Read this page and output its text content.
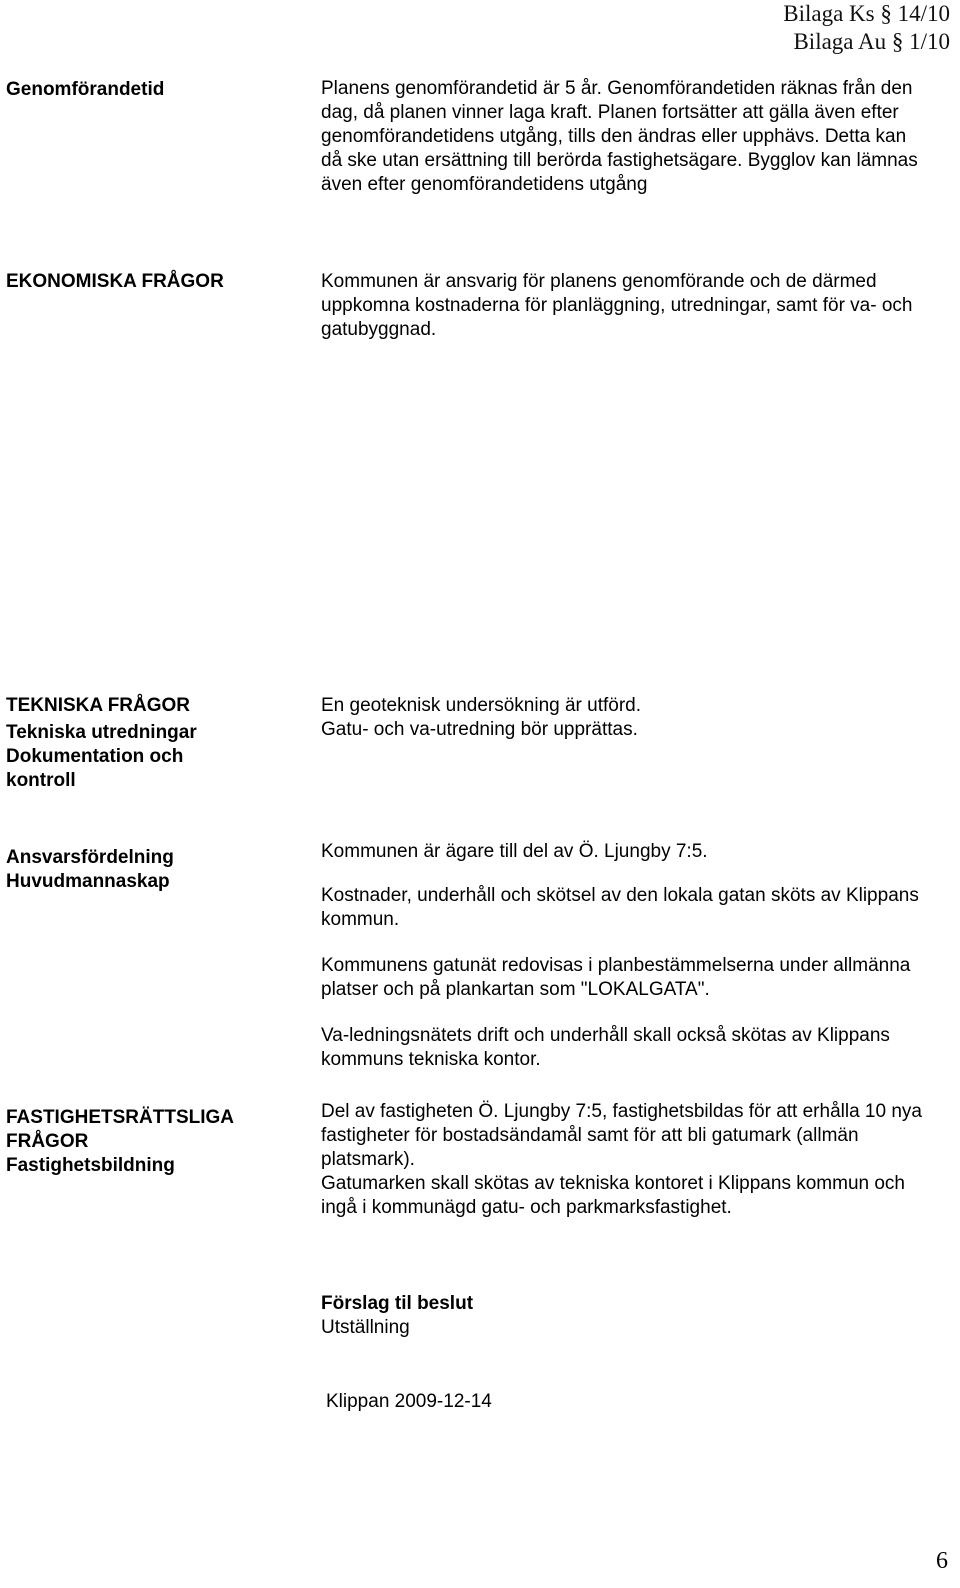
Bilaga Ks § 14/10
Bilaga Au § 1/10
Genomförandetid	Planens genomförandetid är 5 år. Genomförandetiden räknas från den dag, då planen vinner laga kraft. Planen fortsätter att gälla även efter genomförandetidens utgång, tills den ändras eller upphävs. Detta kan då ske utan ersättning till berörda fastighetsägare. Bygglov kan lämnas även efter genomförandetidens utgång
EKONOMISKA FRÅGOR	Kommunen är ansvarig för planens genomförande och de därmed uppkomna kostnaderna för planläggning, utredningar, samt för va- och gatubyggnad.

TEKNISKA FRÅGOR

Tekniska utredningar

Dokumentation och kontroll

En geoteknisk undersökning är utförd.

Gatu- och va-utredning bör upprättas.

Ansvarsfördelning

Huvudmannaskap

Kommunen är ägare till del av Ö. Ljungby 7:5.

Kostnader, underhåll och skötsel av den lokala gatan sköts av Klippans kommun.

Kommunens gatunät redovisas i planbestämmelserna under allmänna platser och på plankartan som "LOKALGATA".

Va-ledningsnätets drift och underhåll skall också skötas av Klippans kommuns tekniska kontor.

FASTIGHETSRÄTTSLIGA FRÅGOR

Fastighetsbildning

Del av fastigheten Ö. Ljungby 7:5, fastighetsbildas för att erhålla 10 nya fastigheter för bostadsändamål samt för att bli gatumark (allmän platsmark).

Gatumarken skall skötas av tekniska kontoret i Klippans kommun och ingå i kommunägd gatu- och parkmarksfastighet.

Förslag til beslut

Utställning

Klippan 2009-12-14
6
